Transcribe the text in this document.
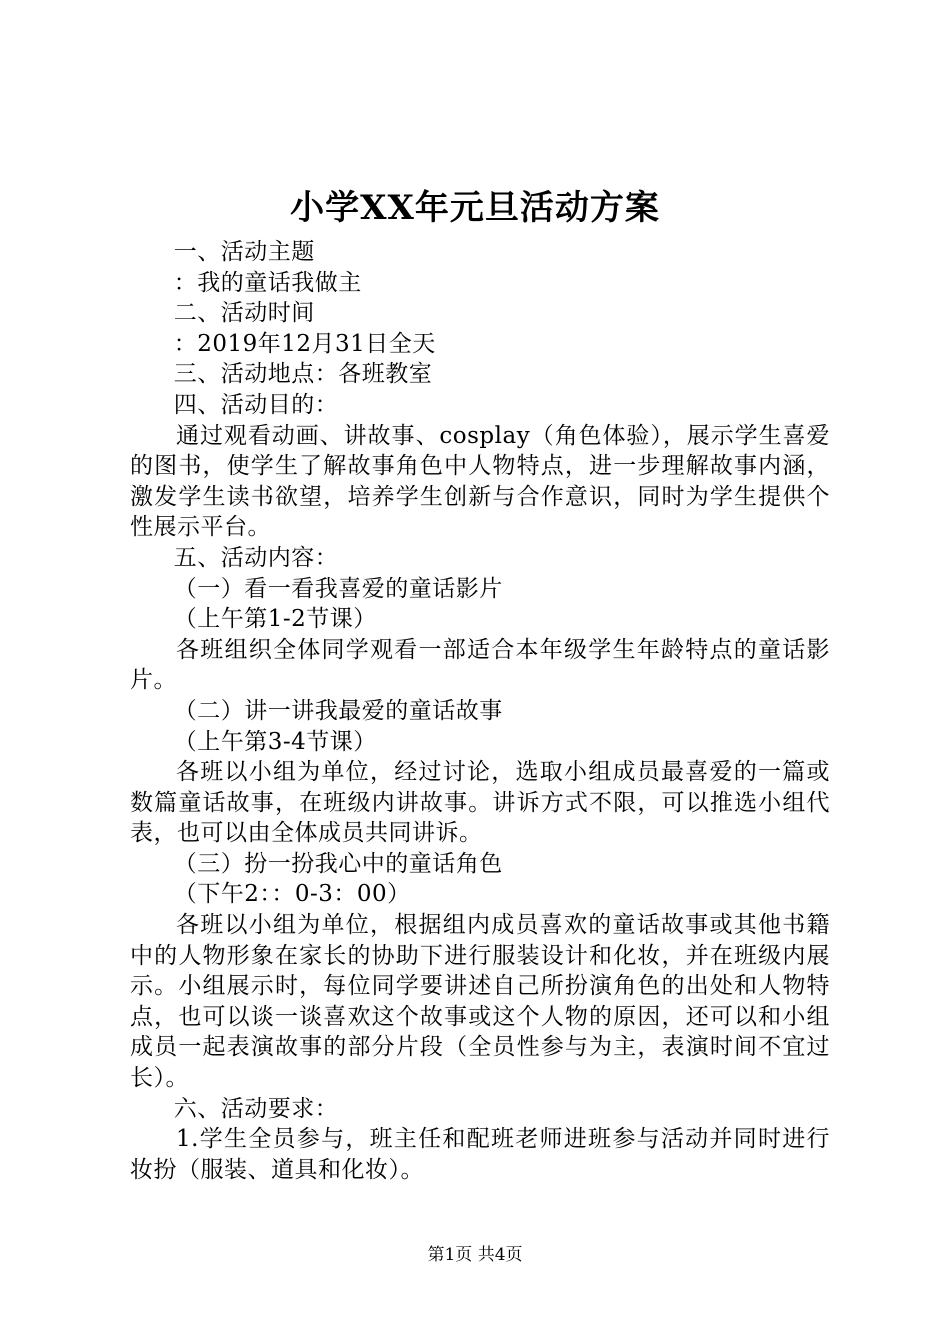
小学XX年元旦活动方案

一、活动主题

：我的童话我做主

二、活动时间

：2019年12月31日全天

三、活动地点：各班教室

四、活动目的：

通过观看动画、讲故事、cosplay（角色体验），展示学生喜爱的图书，使学生了解故事角色中人物特点，进一步理解故事内涵，激发学生读书欲望，培养学生创新与合作意识，同时为学生提供个性展示平台。

五、活动内容：

（一）看一看我喜爱的童话影片

（上午第1-2节课）

各班组织全体同学观看一部适合本年级学生年龄特点的童话影片。

（二）讲一讲我最爱的童话故事

（上午第3-4节课）

各班以小组为单位，经过讨论，选取小组成员最喜爱的一篇或数篇童话故事，在班级内讲故事。讲诉方式不限，可以推选小组代表，也可以由全体成员共同讲诉。

（三）扮一扮我心中的童话角色

（下午2：：0-3：00）

各班以小组为单位，根据组内成员喜欢的童话故事或其他书籍中的人物形象在家长的协助下进行服装设计和化妆，并在班级内展示。小组展示时，每位同学要讲述自己所扮演角色的出处和人物特点，也可以谈一谈喜欢这个故事或这个人物的原因，还可以和小组成员一起表演故事的部分片段（全员性参与为主，表演时间不宜过长）。

六、活动要求：

1.学生全员参与，班主任和配班老师进班参与活动并同时进行妆扮（服装、道具和化妆）。

第1页 共4页
